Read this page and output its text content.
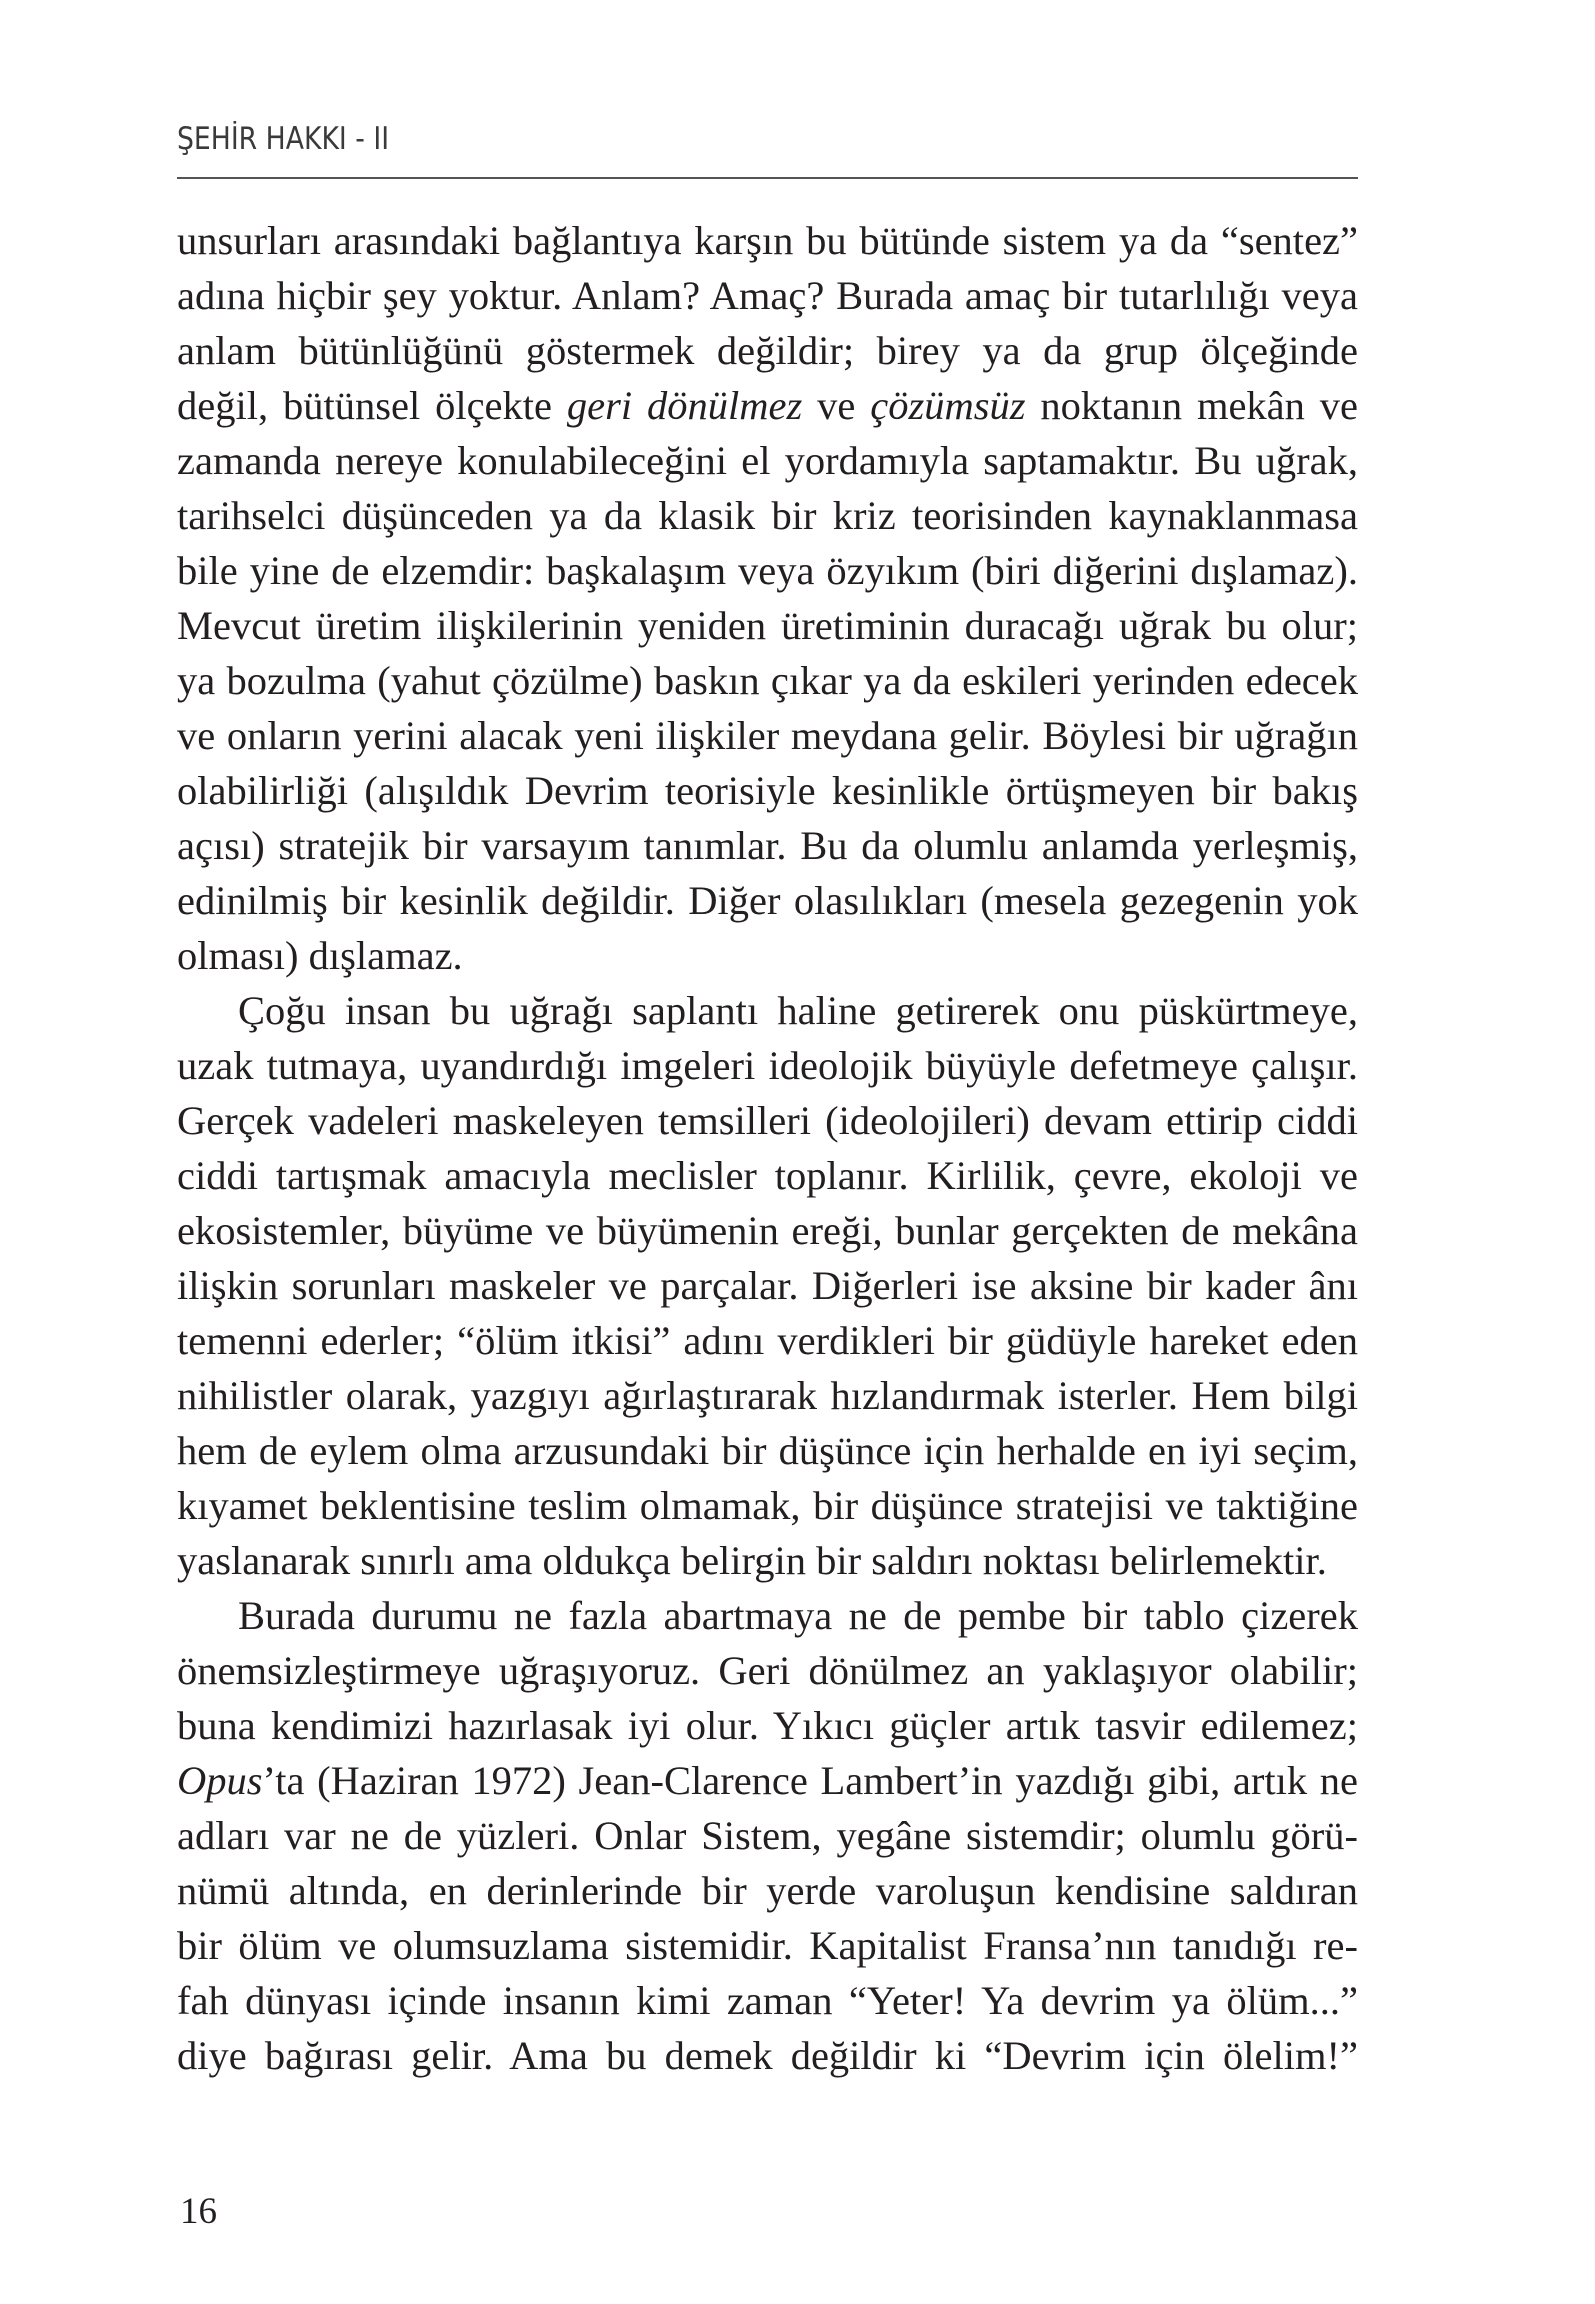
ŞEHİR HAKKI - II
unsurları arasındaki bağlantıya karşın bu bütünde sistem ya da “sentez”
adına hiçbir şey yoktur. Anlam? Amaç? Burada amaç bir tutarlılığı veya
anlam bütünlüğünü göstermek değildir; birey ya da grup ölçeğinde
değil, bütünsel ölçekte geri dönülmez ve çözümsüz noktanın mekân ve
zamanda nereye konulabileceğini el yordamıyla saptamaktır. Bu uğrak,
tarihselci düşünceden ya da klasik bir kriz teorisinden kaynaklanmasa
bile yine de elzemdir: başkalaşım veya özyıkım (biri diğerini dışlamaz).
Mevcut üretim ilişkilerinin yeniden üretiminin duracağı uğrak bu olur;
ya bozulma (yahut çözülme) baskın çıkar ya da eskileri yerinden edecek
ve onların yerini alacak yeni ilişkiler meydana gelir. Böylesi bir uğrağın
olabilirliği (alışıldık Devrim teorisiyle kesinlikle örtüşmeyen bir bakış
açısı) stratejik bir varsayım tanımlar. Bu da olumlu anlamda yerleşmiş,
edinilmiş bir kesinlik değildir. Diğer olasılıkları (mesela gezegenin yok
olması) dışlamaz.
Çoğu insan bu uğrağı saplantı haline getirerek onu püskürtmeye,
uzak tutmaya, uyandırdığı imgeleri ideolojik büyüyle defetmeye çalışır.
Gerçek vadeleri maskeleyen temsilleri (ideolojileri) devam ettirip ciddi
ciddi tartışmak amacıyla meclisler toplanır. Kirlilik, çevre, ekoloji ve
ekosistemler, büyüme ve büyümenin ereği, bunlar gerçekten de mekâna
ilişkin sorunları maskeler ve parçalar. Diğerleri ise aksine bir kader ânı
temenni ederler; “ölüm itkisi” adını verdikleri bir güdüyle hareket eden
nihilistler olarak, yazgıyı ağırlaştırarak hızlandırmak isterler. Hem bilgi
hem de eylem olma arzusundaki bir düşünce için herhalde en iyi seçim,
kıyamet beklentisine teslim olmamak, bir düşünce stratejisi ve taktiğine
yaslanarak sınırlı ama oldukça belirgin bir saldırı noktası belirlemektir.
Burada durumu ne fazla abartmaya ne de pembe bir tablo çizerek
önemsizleştirmeye uğraşıyoruz. Geri dönülmez an yaklaşıyor olabilir;
buna kendimizi hazırlasak iyi olur. Yıkıcı güçler artık tasvir edilemez;
Opus’ta (Haziran 1972) Jean-Clarence Lambert’in yazdığı gibi, artık ne
adları var ne de yüzleri. Onlar Sistem, yegâne sistemdir; olumlu görü-
nümü altında, en derinlerinde bir yerde varoluşun kendisine saldıran
bir ölüm ve olumsuzlama sistemidir. Kapitalist Fransa’nın tanıdığı re-
fah dünyası içinde insanın kimi zaman “Yeter! Ya devrim ya ölüm...”
diye bağırası gelir. Ama bu demek değildir ki “Devrim için ölelim!”
16
